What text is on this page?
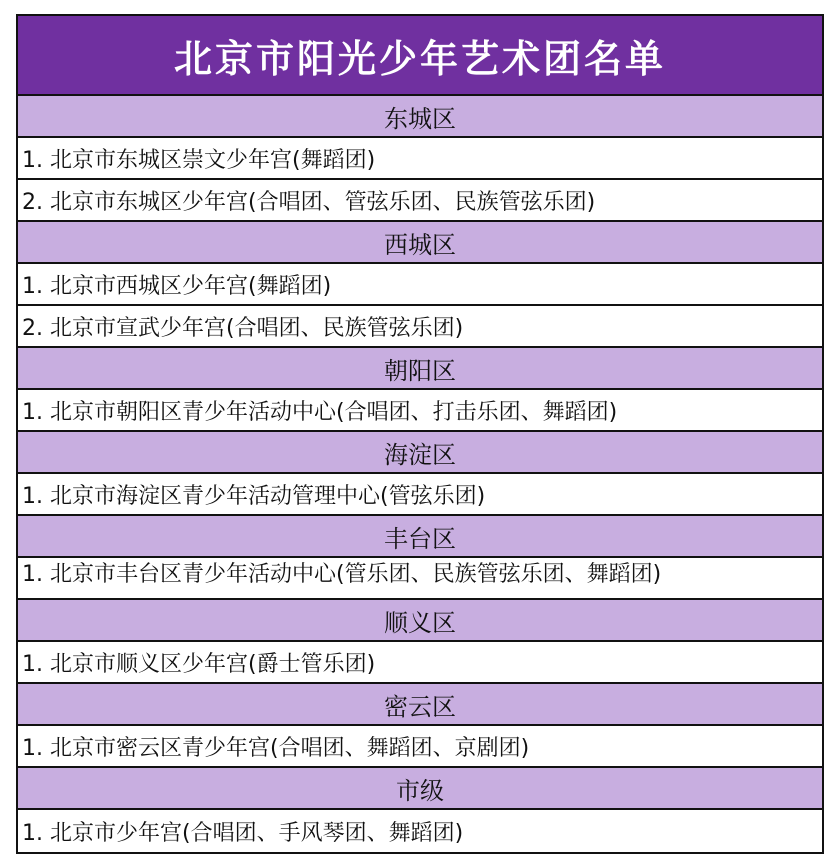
北京市阳光少年艺术团名单
东城区
1. 北京市东城区崇文少年宫(舞蹈团)
2. 北京市东城区少年宫(合唱团、管弦乐团、民族管弦乐团)
西城区
1. 北京市西城区少年宫(舞蹈团)
2. 北京市宣武少年宫(合唱团、民族管弦乐团)
朝阳区
1. 北京市朝阳区青少年活动中心(合唱团、打击乐团、舞蹈团)
海淀区
1. 北京市海淀区青少年活动管理中心(管弦乐团)
丰台区
1. 北京市丰台区青少年活动中心(管乐团、民族管弦乐团、舞蹈团)
顺义区
1. 北京市顺义区少年宫(爵士管乐团)
密云区
1. 北京市密云区青少年宫(合唱团、舞蹈团、京剧团)
市级
1. 北京市少年宫(合唱团、手风琴团、舞蹈团)
